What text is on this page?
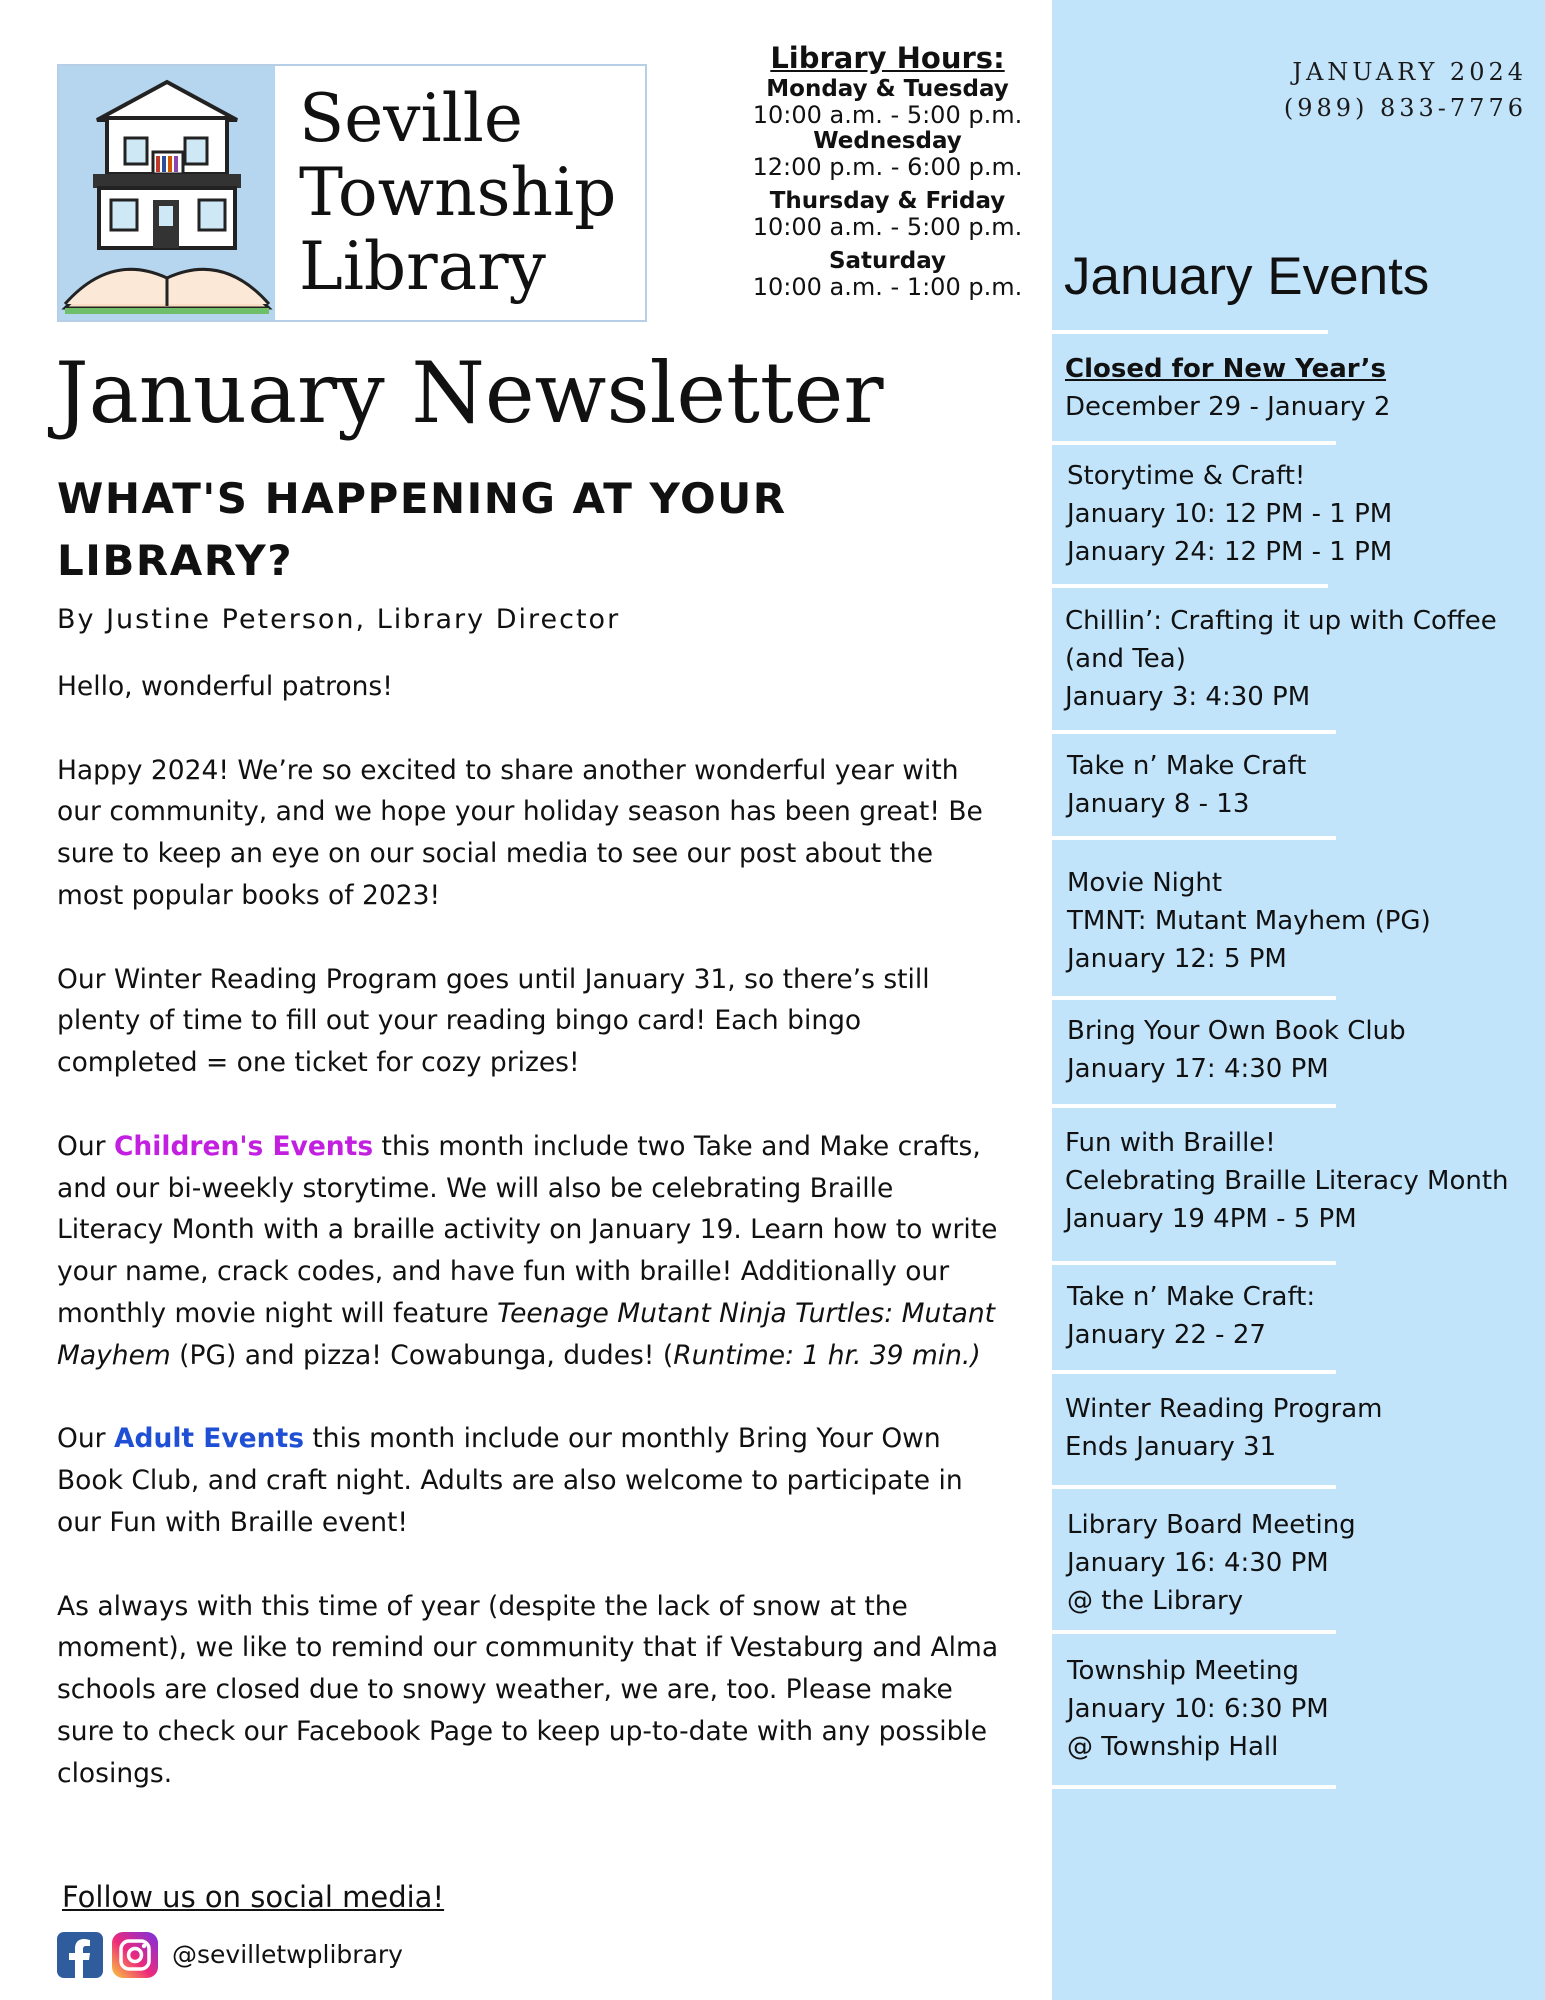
Seville
Township
Library
Library Hours:
Monday & Tuesday
10:00 a.m. - 5:00 p.m.
Wednesday
12:00 p.m. - 6:00 p.m.
Thursday & Friday
10:00 a.m. - 5:00 p.m.
Saturday
10:00 a.m. - 1:00 p.m.
January Newsletter
WHAT'S HAPPENING AT YOUR LIBRARY?
By Justine Peterson, Library Director

Hello, wonderful patrons!

Happy 2024! We’re so excited to share another wonderful year with our community, and we hope your holiday season has been great! Be sure to keep an eye on our social media to see our post about the most popular books of 2023!

Our Winter Reading Program goes until January 31, so there’s still plenty of time to fill out your reading bingo card! Each bingo completed = one ticket for cozy prizes!

Our Children's Events this month include two Take and Make crafts, and our bi-weekly storytime. We will also be celebrating Braille Literacy Month with a braille activity on January 19. Learn how to write your name, crack codes, and have fun with braille! Additionally our monthly movie night will feature Teenage Mutant Ninja Turtles: Mutant Mayhem (PG) and pizza! Cowabunga, dudes! (Runtime: 1 hr. 39 min.)

Our Adult Events this month include our monthly Bring Your Own Book Club, and craft night. Adults are also welcome to participate in our Fun with Braille event!

As always with this time of year (despite the lack of snow at the moment), we like to remind our community that if Vestaburg and Alma schools are closed due to snowy weather, we are, too. Please make sure to check our Facebook Page to keep up-to-date with any possible closings.

Follow us on social media!
@sevilletwplibrary
JANUARY 2024
(989) 833-7776
January Events
Closed for New Year’s
December 29 - January 2
Storytime & Craft!
January 10: 12 PM - 1 PM
January 24: 12 PM - 1 PM
Chillin’: Crafting it up with Coffee (and Tea)
January 3: 4:30 PM
Take n’ Make Craft
January 8 - 13
Movie Night
TMNT: Mutant Mayhem (PG)
January 12: 5 PM
Bring Your Own Book Club
January 17: 4:30 PM
Fun with Braille!
Celebrating Braille Literacy Month
January 19 4PM - 5 PM
Take n’ Make Craft:
January 22 - 27
Winter Reading Program
Ends January 31
Library Board Meeting
January 16: 4:30 PM
@ the Library
Township Meeting
January 10: 6:30 PM
@ Township Hall
